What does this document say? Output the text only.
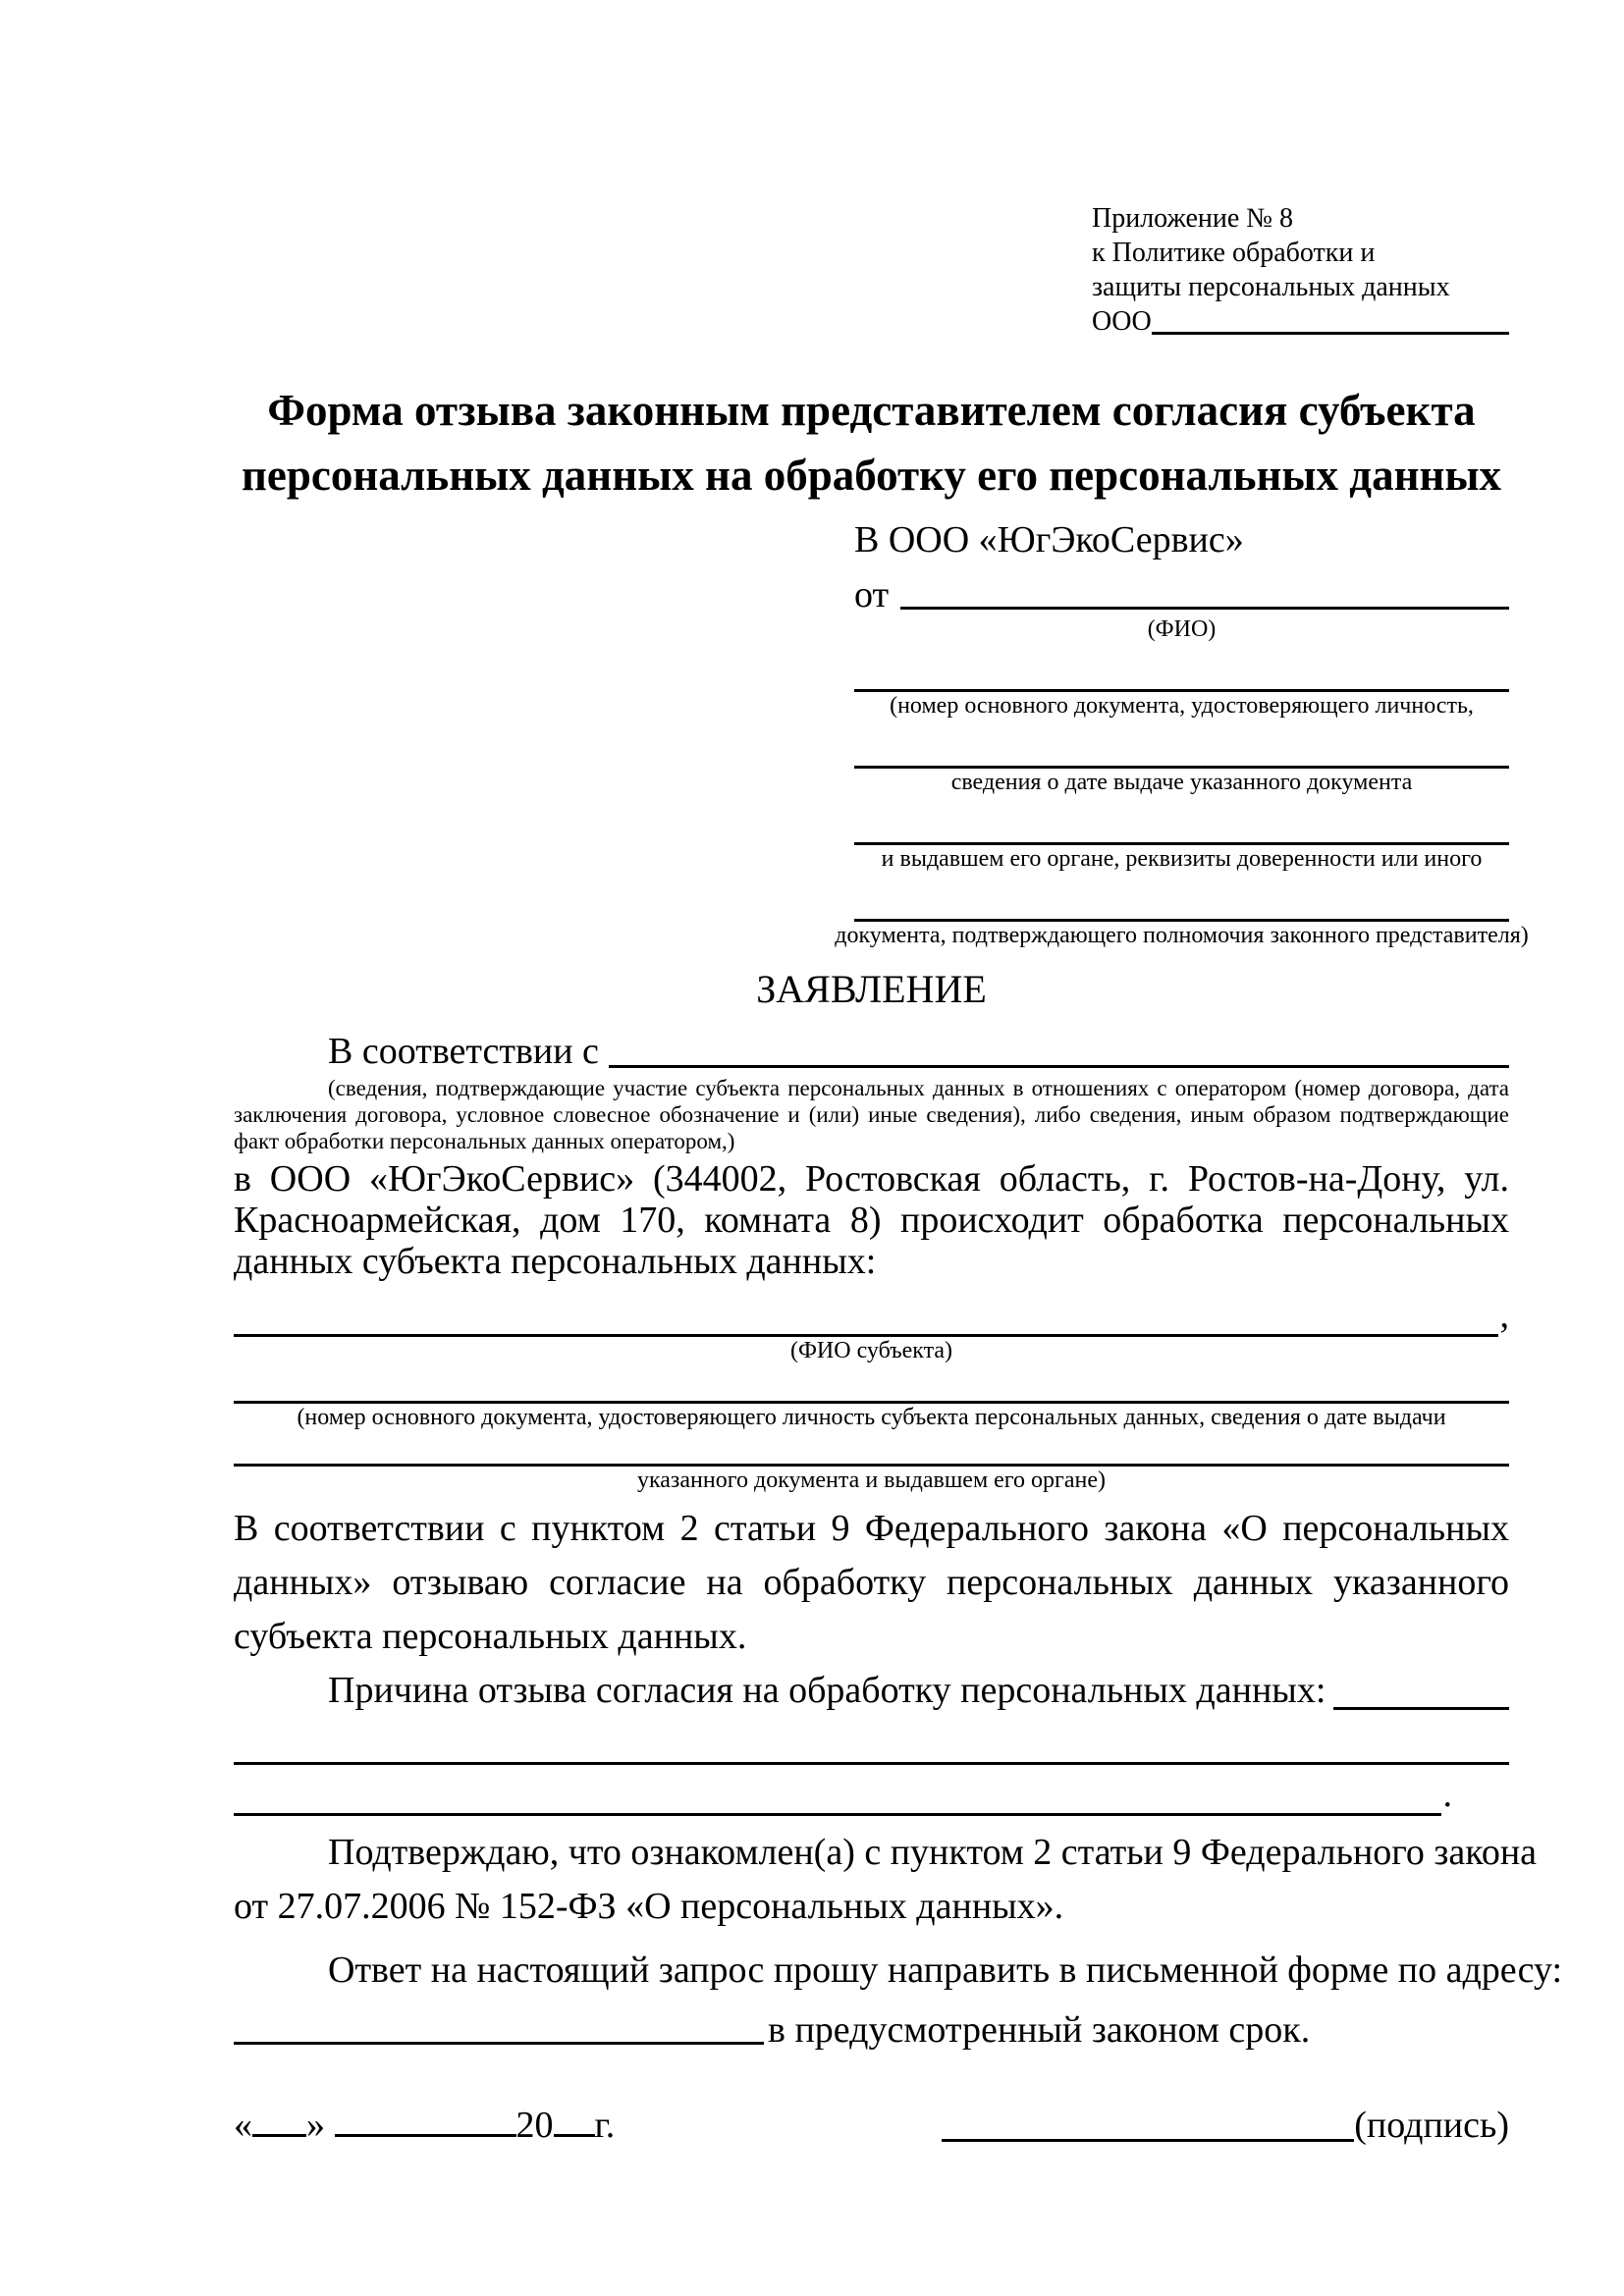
Приложение № 8
к Политике обработки и
защиты персональных данных
ООО
Форма отзыва законным представителем согласия субъекта персональных данных на обработку его персональных данных
В ООО «ЮгЭкоСервис»
от
(ФИО)
(номер основного документа, удостоверяющего личность,
сведения о дате выдаче указанного документа
и выдавшем его органе, реквизиты доверенности или иного
документа, подтверждающего полномочия законного представителя)
ЗАЯВЛЕНИЕ
В соответствии с
(сведения, подтверждающие участие субъекта персональных данных в отношениях с оператором (номер договора, дата заключения договора, условное словесное обозначение и (или) иные сведения), либо сведения, иным образом подтверждающие факт обработки персональных данных оператором,)

в ООО «ЮгЭкоСервис» (344002, Ростовская область, г. Ростов-на-Дону, ул. Красноармейская, дом 170, комната 8) происходит обработка персональных данных субъекта персональных данных:

,
(ФИО субъекта)
(номер основного документа, удостоверяющего личность субъекта персональных данных, сведения о дате выдачи
указанного документа и выдавшем его органе)

В соответствии с пунктом 2 статьи 9 Федерального закона «О персональных данных» отзываю согласие на обработку персональных данных указанного субъекта персональных данных.

Причина отзыва согласия на обработку персональных данных:
.
Подтверждаю, что ознакомлен(а) с пунктом 2 статьи 9 Федерального закона
от 27.07.2006 № 152-ФЗ «О персональных данных».
Ответ на настоящий запрос прошу направить в письменной форме по адресу:
в предусмотренный законом срок.
« »	20 г.	(подпись)
